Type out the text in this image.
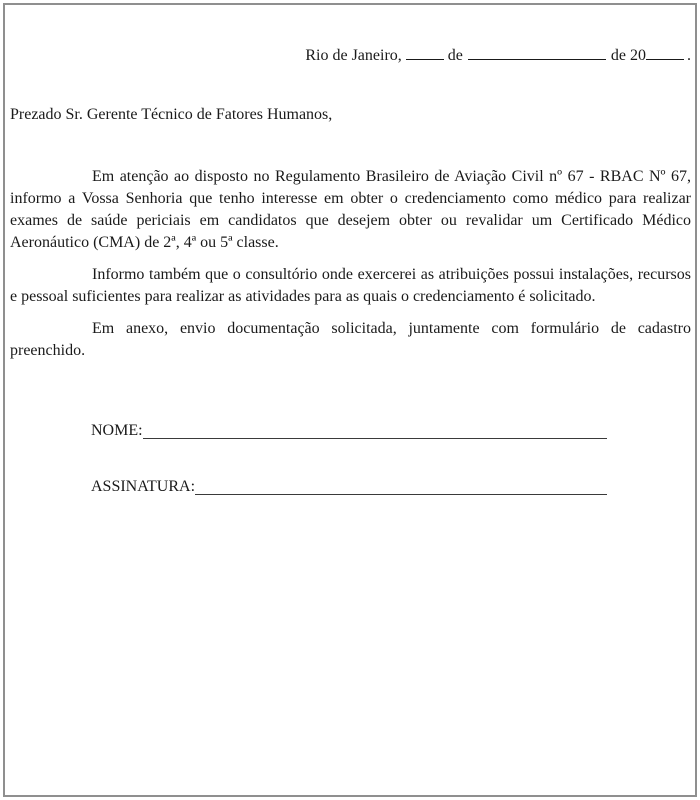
Rio de Janeiro,	de	de 20	.
Prezado Sr. Gerente Técnico de Fatores Humanos,

Em atenção ao disposto no Regulamento Brasileiro de Aviação Civil nº 67 - RBAC Nº 67, informo a Vossa Senhoria que tenho interesse em obter o credenciamento como médico para realizar exames de saúde periciais em candidatos que desejem obter ou revalidar um Certificado Médico Aeronáutico (CMA) de 2ª, 4ª ou 5ª classe.

Informo também que o consultório onde exercerei as atribuições possui instalações, recursos e pessoal suficientes para realizar as atividades para as quais o credenciamento é solicitado.

Em anexo, envio documentação solicitada, juntamente com formulário de cadastro preenchido.

NOME:
ASSINATURA:
